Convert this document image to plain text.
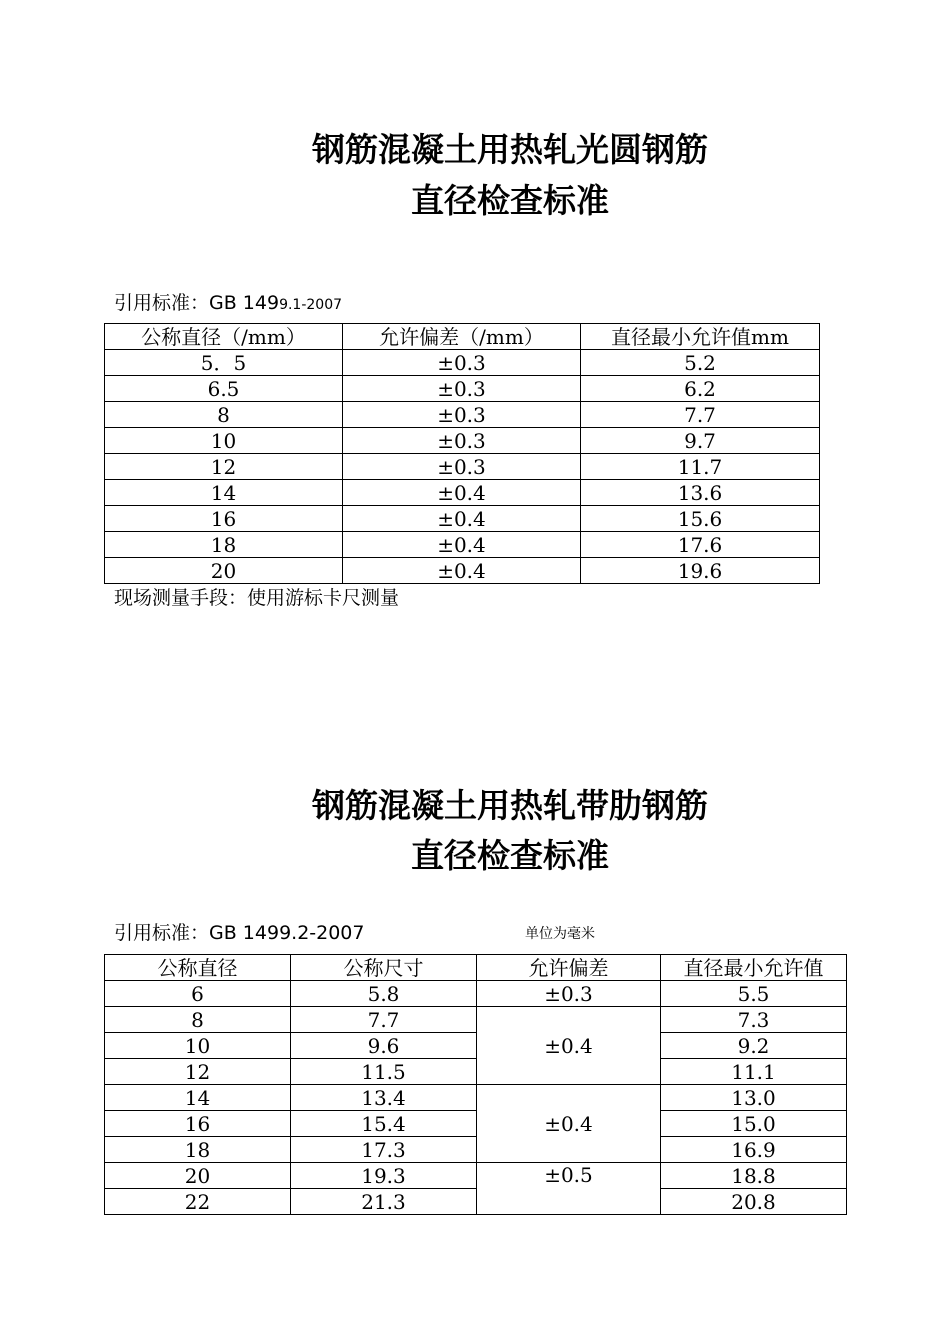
钢筋混凝土用热轧光圆钢筋
直径检查标准
引用标准：GB 1499.1-2007
公称直径（/mm）	允许偏差（/mm）	直径最小允许值mm
5．5	±0.3	5.2
6.5	±0.3	6.2
8	±0.3	7.7
10	±0.3	9.7
12	±0.3	11.7
14	±0.4	13.6
16	±0.4	15.6
18	±0.4	17.6
20	±0.4	19.6
现场测量手段：使用游标卡尺测量
钢筋混凝土用热轧带肋钢筋
直径检查标准
引用标准：GB 1499.2-2007	单位为毫米
公称直径	公称尺寸	允许偏差	直径最小允许值
6	5.8	±0.3	5.5
8	7.7	±0.4	7.3
10	9.6		9.2
12	11.5		11.1
14	13.4	±0.4	13.0
16	15.4		15.0
18	17.3		16.9
20	19.3	±0.5	18.8
22	21.3		20.8
